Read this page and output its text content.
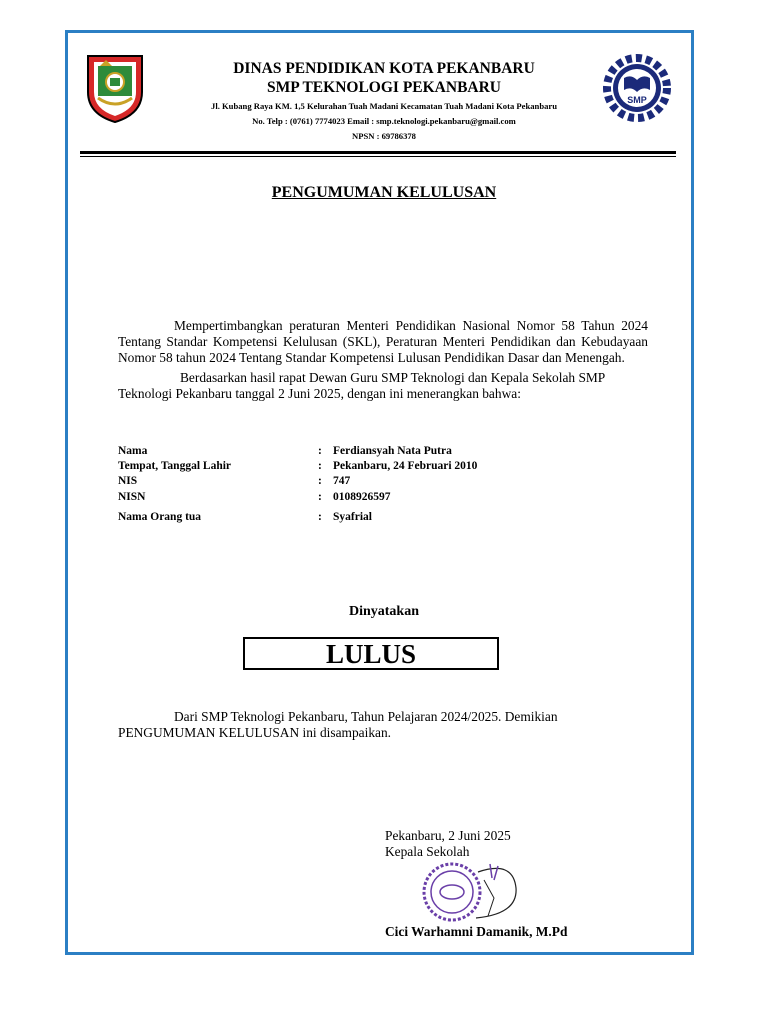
SMP
DINAS PENDIDIKAN KOTA PEKANBARU
SMP TEKNOLOGI PEKANBARU
Jl. Kubang Raya KM. 1,5 Kelurahan Tuah Madani Kecamatan Tuah Madani Kota Pekanbaru
No. Telp : (0761) 7774023 Email : smp.teknologi.pekanbaru@gmail.com
NPSN : 69786378
PENGUMUMAN KELULUSAN
Mempertimbangkan peraturan Menteri Pendidikan Nasional Nomor 58 Tahun 2024 Tentang Standar Kompetensi Kelulusan (SKL), Peraturan Menteri Pendidikan dan Kebudayaan Nomor 58 tahun 2024 Tentang Standar Kompetensi Lulusan Pendidikan Dasar dan Menengah.
Berdasarkan hasil rapat Dewan Guru SMP Teknologi dan Kepala Sekolah SMP Teknologi Pekanbaru tanggal 2 Juni 2025, dengan ini menerangkan bahwa:
Nama	: Ferdiansyah Nata Putra
Tempat, Tanggal Lahir	: Pekanbaru, 24 Februari 2010
NIS	: 747
NISN	: 0108926597
Nama Orang tua	: Syafrial
Dinyatakan
LULUS
Dari SMP Teknologi Pekanbaru, Tahun Pelajaran 2024/2025. Demikian PENGUMUMAN KELULUSAN ini disampaikan.
Pekanbaru, 2 Juni 2025
Kepala Sekolah
Cici Warhamni Damanik, M.Pd
